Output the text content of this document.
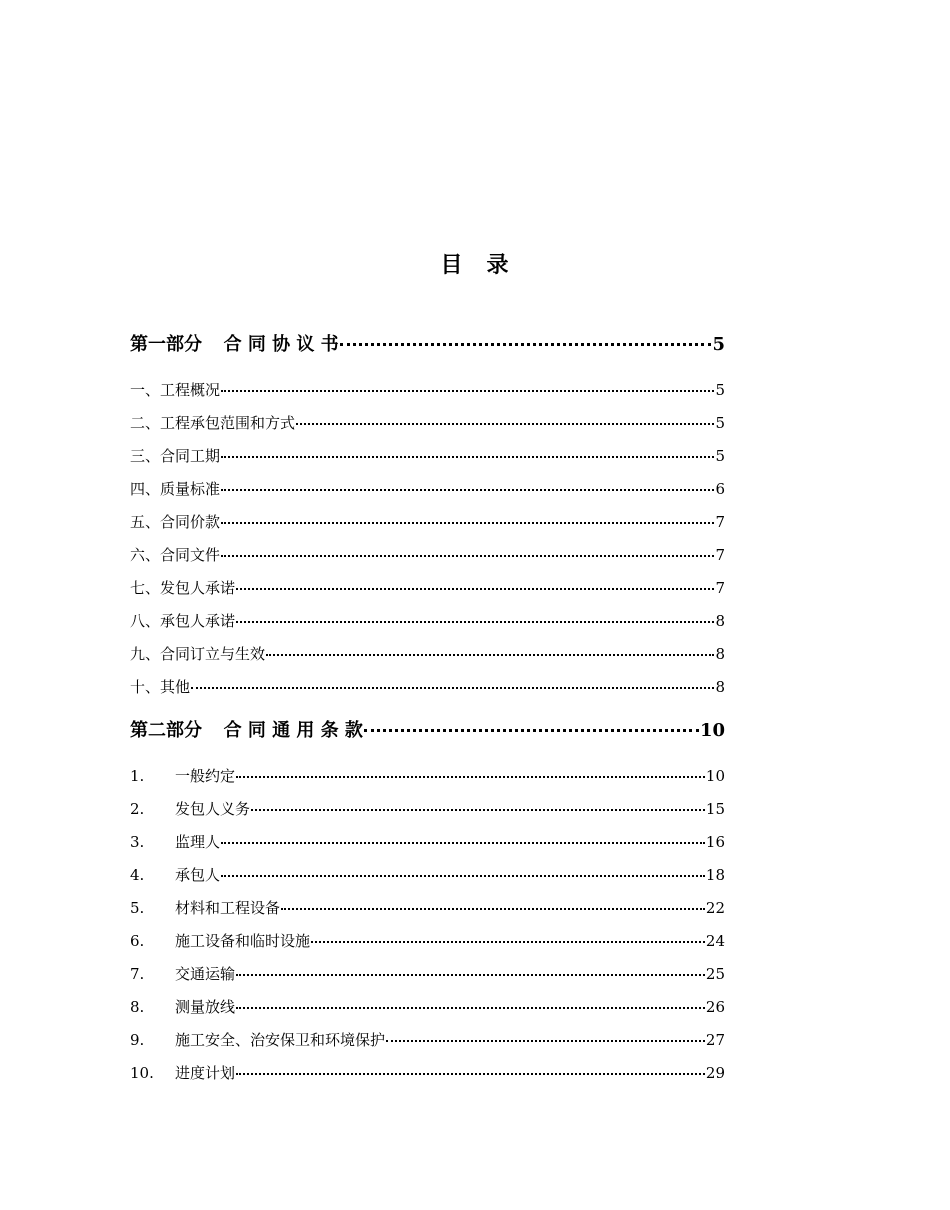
目　录
第一部分 合 同 协 议 书	5
一、工程概况	5
二、工程承包范围和方式	5
三、合同工期	5
四、质量标准	6
五、合同价款	7
六、合同文件	7
七、发包人承诺	7
八、承包人承诺	8
九、合同订立与生效	8
十、其他	8
第二部分 合 同 通 用 条 款	10
1.	一般约定	10
2.	发包人义务	15
3.	监理人	16
4.	承包人	18
5.	材料和工程设备	22
6.	施工设备和临时设施	24
7.	交通运输	25
8.	测量放线	26
9.	施工安全、治安保卫和环境保护	27
10.	进度计划	29
